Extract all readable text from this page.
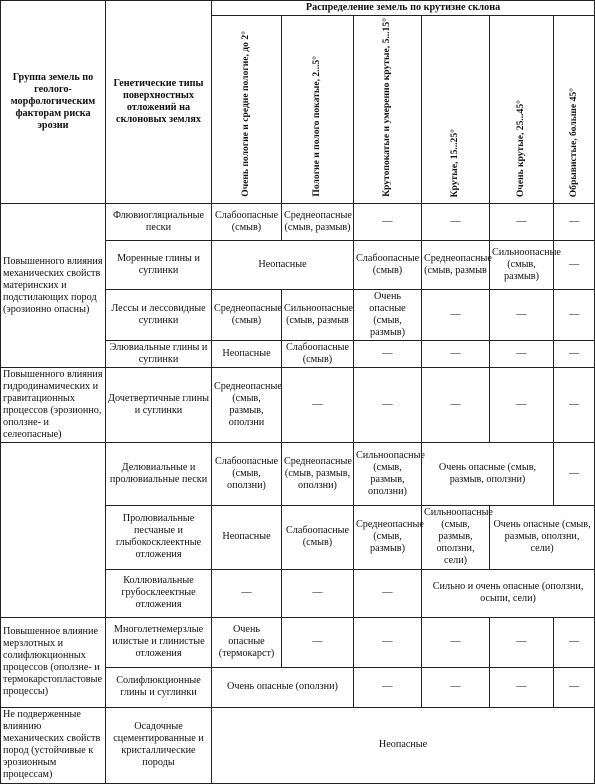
Группа земель по геолого-морфологическим факторам риска эрозии	Генетические типы поверхностных отложений на склоновых землях	Распределение земель по крутизне склона					
		Очень пологие и средне пологие, до 2°	Пологие и полого покатые, 2...5°	Крутопокатые и умеренно крутые, 5...15°	Крутые, 15...25°	Очень крутые, 25...45°	Обрывистые, больше 45°
Повышенного влияния механических свойств материнских и подстилающих пород (эрозионно опасны)	Флювиогляциальные пески	Слабоопасные (смыв)	Среднеопасные (смыв, размыв)	—	—	—	—
	Моренные глины и суглинки	Неопасные		Слабоопасные (смыв)	Среднеопасные (смыв, размыв	Сильноопасные (смыв, размыв)	—
	Лессы и лессовидные суглинки	Среднеопасные (смыв)	Сильноопасные (смыв, размыв	Очень опасные (смыв, размыв)	—	—	—
	Элювиальные глины и суглинки	Неопасные	Слабоопасные (смыв)	—	—	—	—
Повышенного влияния гидродинамических и гравитационных процессов (эрозионно, оползне- и селеопасные)	Дочетвертичные глины и суглинки	Среднеопасные (смыв, размыв, оползни	—	—	—	—	—
	Делювиальные и пролювиальные пески	Слабоопасные (смыв, оползни)	Среднеопасные (смыв, размыв, оползни)	Сильноопасные (смыв, размыв, оползни)	Очень опасные (смыв, размыв, оползни)		—
	Пролювиальные песчаные и глыбокосклеектные отложения	Неопасные	Слабоопасные (смыв)	Среднеопасные (смыв, размыв)	Сильноопасные (смыв, размыв, оползни, сели)	Очень опасные (смыв, размыв, оползни, сели)	
	Коллювиальные грубосклеектные отложения	—	—	—	Сильно и очень опасные (оползни, осыпи, сели)		
Повышенное влияние мерзлотных и солифлюкционных процессов (оползне- и термокарстопластовые процессы)	Многолетнемерзлые илистые и глинистые отложения	Очень опасные (термокарст)	—	—	—	—	—
	Солифлюкционные глины и суглинки	Очень опасные (оползни)		—	—	—	—
Не подверженные влиянию механических свойств пород (устойчивые к эрозионным процессам)	Осадочные сцементированные и кристаллические породы	Неопасные					
